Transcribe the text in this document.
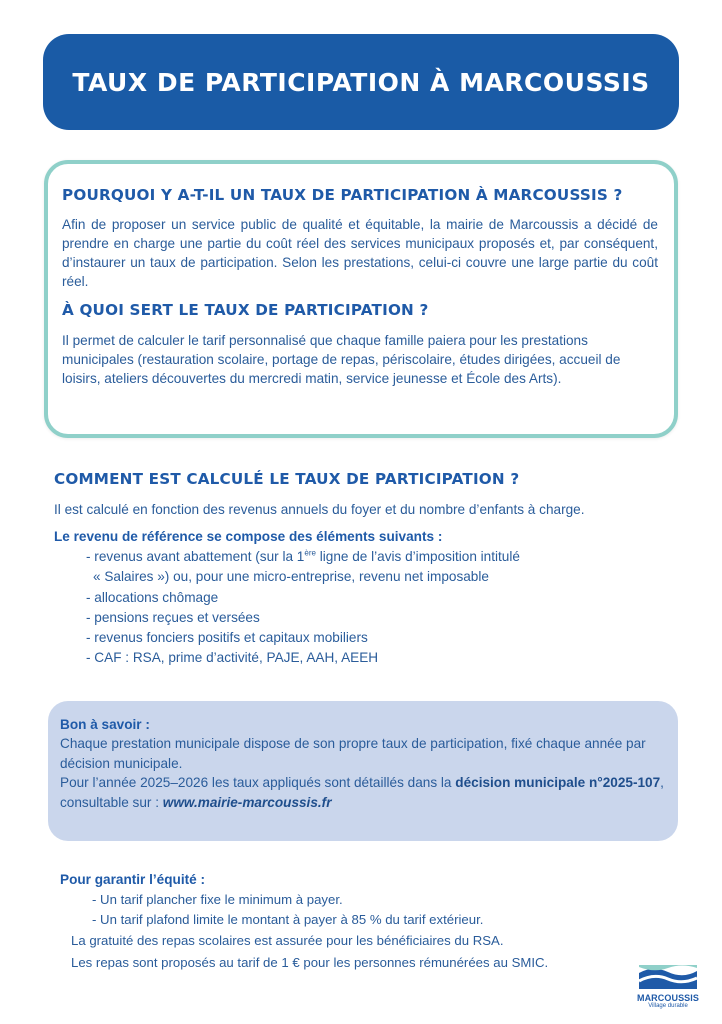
TAUX DE PARTICIPATION À MARCOUSSIS
POURQUOI Y A-T-IL UN TAUX DE PARTICIPATION À MARCOUSSIS ?

Afin de proposer un service public de qualité et équitable, la mairie de Marcoussis a décidé de prendre en charge une partie du coût réel des services municipaux proposés et, par conséquent, d’instaurer un taux de participation. Selon les prestations, celui-ci couvre une large partie du coût réel.

À QUOI SERT LE TAUX DE PARTICIPATION ?

Il permet de calculer le tarif personnalisé que chaque famille paiera pour les prestations municipales (restauration scolaire, portage de repas, périscolaire, études dirigées, accueil de loisirs, ateliers découvertes du mercredi matin, service jeunesse et École des Arts).

COMMENT EST CALCULÉ LE TAUX DE PARTICIPATION ?
Il est calculé en fonction des revenus annuels du foyer et du nombre d’enfants à charge.
Le revenu de référence se compose des éléments suivants :
- revenus avant abattement (sur la 1ère ligne de l’avis d’imposition intitulé
« Salaires ») ou, pour une micro-entreprise, revenu net imposable
- allocations chômage
- pensions reçues et versées
- revenus fonciers positifs et capitaux mobiliers
- CAF : RSA, prime d’activité, PAJE, AAH, AEEH
Bon à savoir :

Chaque prestation municipale dispose de son propre taux de participation, fixé chaque année par décision municipale.

Pour l’année 2025–2026 les taux appliqués sont détaillés dans la décision municipale n°2025-107, consultable sur : www.mairie-marcoussis.fr

Pour garantir l’équité :
- Un tarif plancher fixe le minimum à payer.
- Un tarif plafond limite le montant à payer à 85 % du tarif extérieur.
La gratuité des repas scolaires est assurée pour les bénéficiaires du RSA.
Les repas sont proposés au tarif de 1 € pour les personnes rémunérées au SMIC.
MARCOUSSIS
Village durable
